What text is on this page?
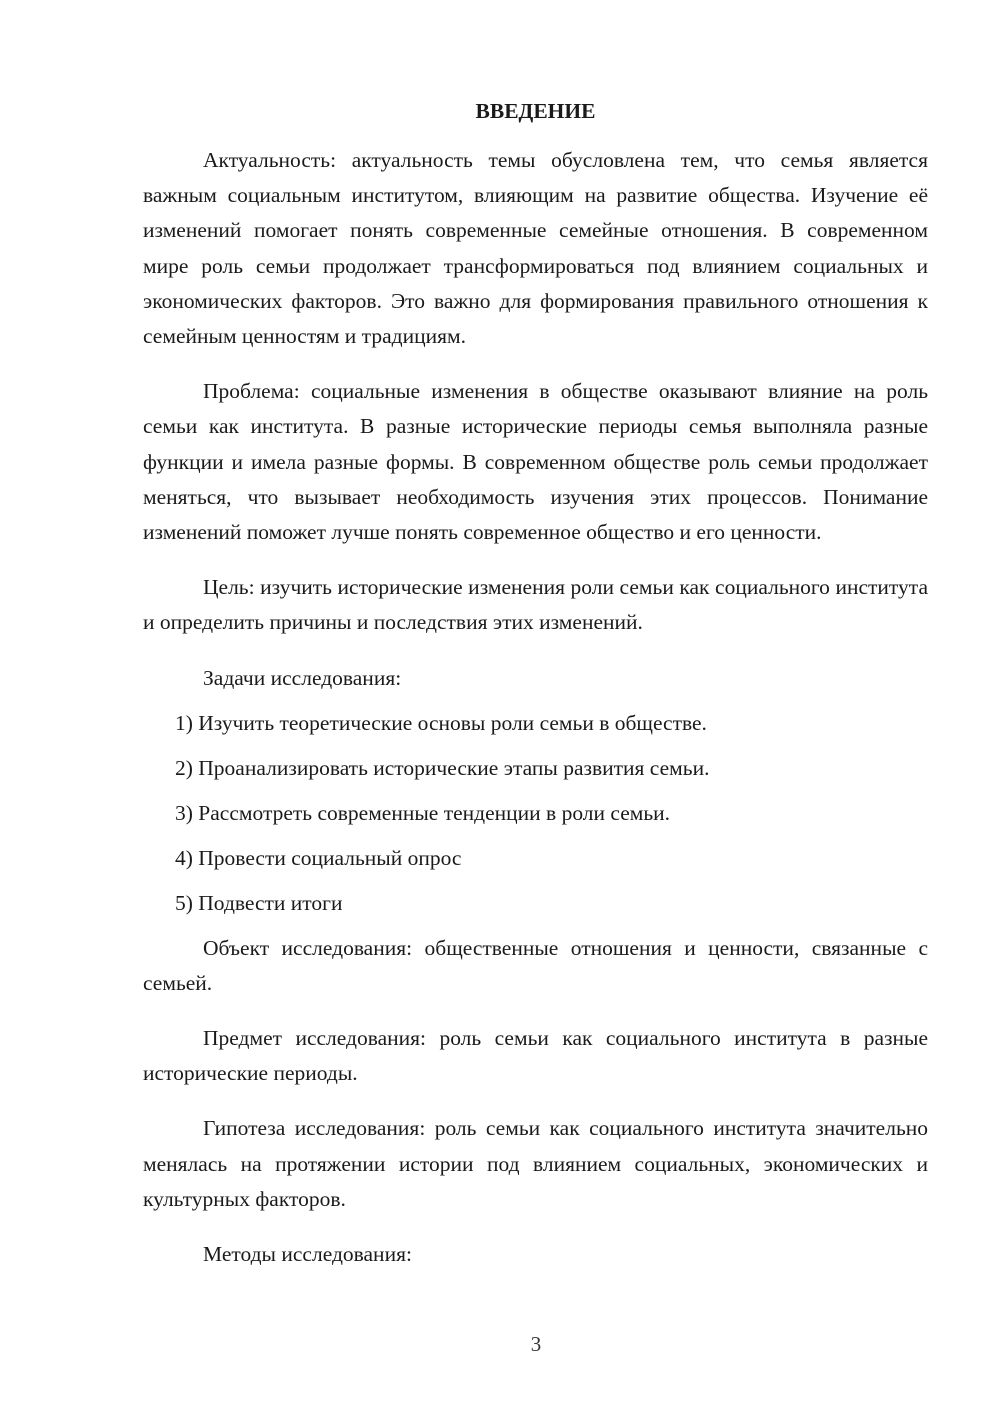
ВВЕДЕНИЕ

Актуальность: актуальность темы обусловлена тем, что семья является важным социальным институтом, влияющим на развитие общества. Изучение её изменений помогает понять современные семейные отношения. В современном мире роль семьи продолжает трансформироваться под влиянием социальных и экономических факторов. Это важно для формирования правильного отношения к семейным ценностям и традициям.

Проблема: социальные изменения в обществе оказывают влияние на роль семьи как института. В разные исторические периоды семья выполняла разные функции и имела разные формы. В современном обществе роль семьи продолжает меняться, что вызывает необходимость изучения этих процессов. Понимание изменений поможет лучше понять современное общество и его ценности.

Цель: изучить исторические изменения роли семьи как социального института и определить причины и последствия этих изменений.

Задачи исследования:

1) Изучить теоретические основы роли семьи в обществе.

2) Проанализировать исторические этапы развития семьи.

3) Рассмотреть современные тенденции в роли семьи.

4) Провести социальный опрос

5) Подвести итоги

Объект исследования: общественные отношения и ценности, связанные с семьей.

Предмет исследования: роль семьи как социального института в разные исторические периоды.

Гипотеза исследования: роль семьи как социального института значительно менялась на протяжении истории под влиянием социальных, экономических и культурных факторов.

Методы исследования:

3
